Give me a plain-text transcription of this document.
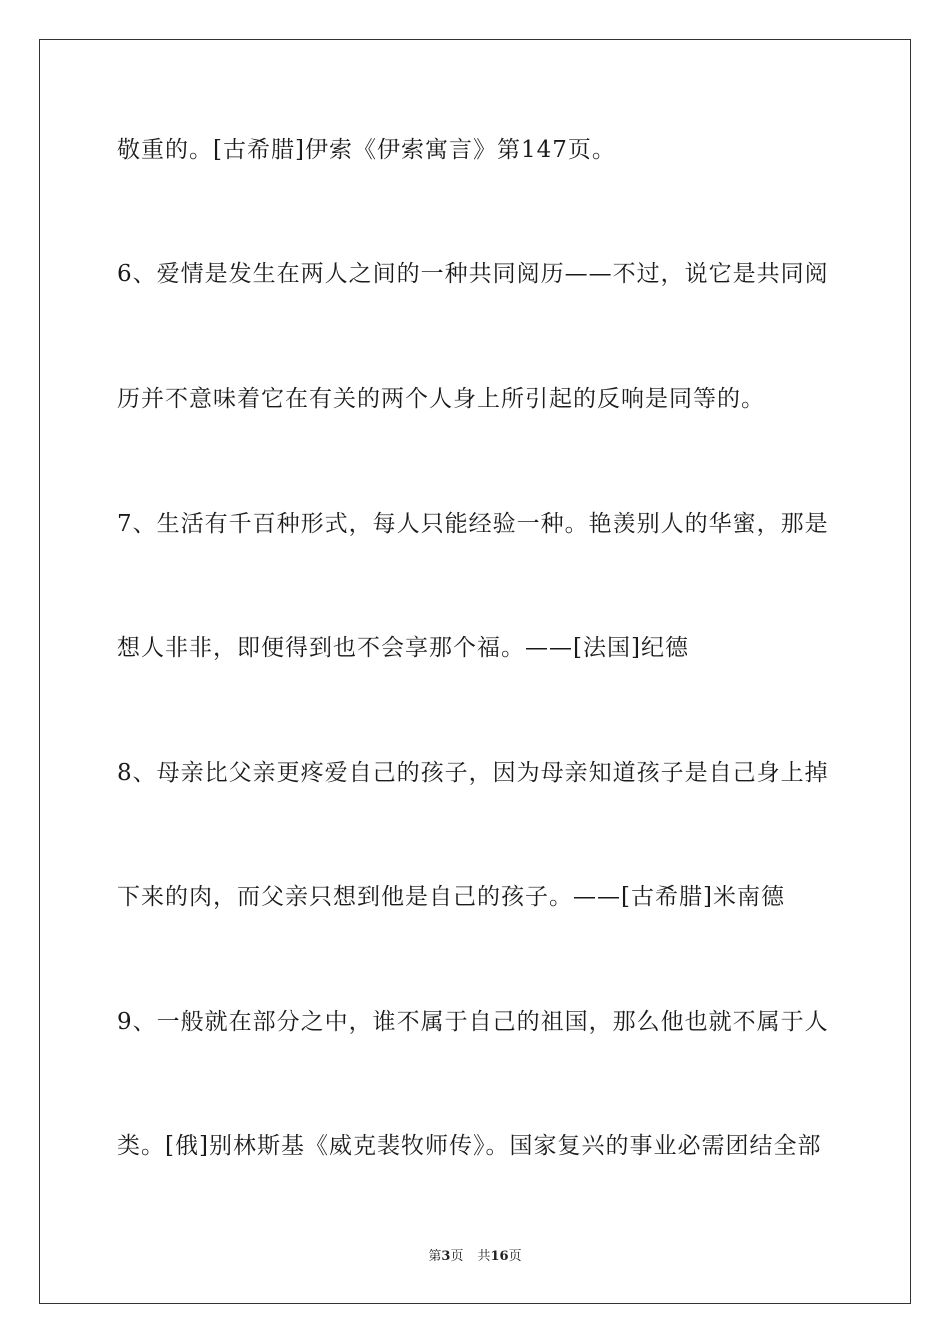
敬重的。[古希腊]伊索《伊索寓言》第147页。
6、爱情是发生在两人之间的一种共同阅历——不过，说它是共同阅
历并不意味着它在有关的两个人身上所引起的反响是同等的。
7、生活有千百种形式，每人只能经验一种。艳羡别人的华蜜，那是
想人非非，即便得到也不会享那个福。——[法国]纪德
8、母亲比父亲更疼爱自己的孩子，因为母亲知道孩子是自己身上掉
下来的肉，而父亲只想到他是自己的孩子。——[古希腊]米南德
9、一般就在部分之中，谁不属于自己的祖国，那么他也就不属于人
类。[俄]别林斯基《威克裴牧师传》。国家复兴的事业必需团结全部
第3页 共16页
